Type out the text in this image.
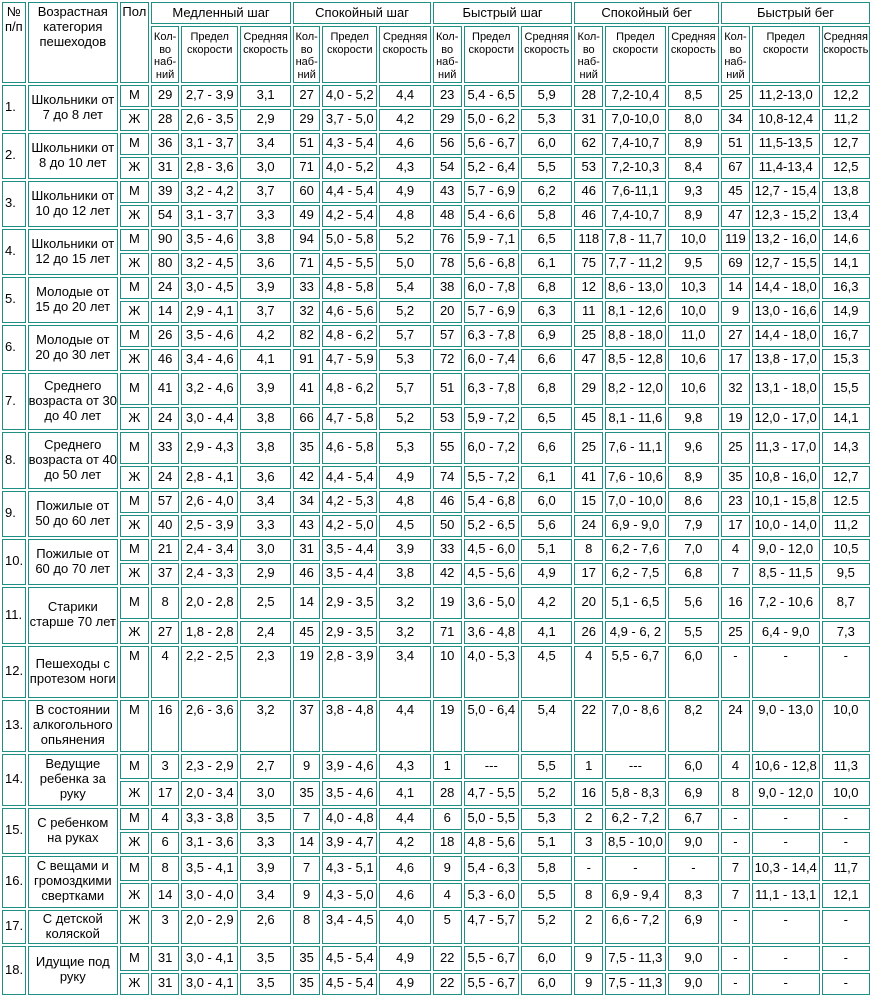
№ п/п	Возрастная категория пешеходов	Пол	Медленный шаг			Спокойный шаг			Быстрый шаг			Спокойный бег			Быстрый бег		
			Кол-во наб-ний	Предел скорости	Средняя скорость	Кол-во наб-ний	Предел скорости	Средняя скорость	Кол-во наб-ний	Предел скорости	Средняя скорость	Кол-во наб-ний	Предел скорости	Средняя скорость	Кол-во наб-ний	Предел скорости	Средняя скорость
1.	Школьники от 7 до 8 лет	М	29	2,7 - 3,9	3,1	27	4,0 - 5,2	4,4	23	5,4 - 6,5	5,9	28	7,2-10,4	8,5	25	11,2-13,0	12,2
		Ж	28	2,6 - 3,5	2,9	29	3,7 - 5,0	4,2	29	5,0 - 6,2	5,3	31	7,0-10,0	8,0	34	10,8-12,4	11,2
2.	Школьники от 8 до 10 лет	М	36	3,1 - 3,7	3,4	51	4,3 - 5,4	4,6	56	5,6 - 6,7	6,0	62	7,4-10,7	8,9	51	11,5-13,5	12,7
		Ж	31	2,8 - 3,6	3,0	71	4,0 - 5,2	4,3	54	5,2 - 6,4	5,5	53	7,2-10,3	8,4	67	11,4-13,4	12,5
3.	Школьники от 10 до 12 лет	М	39	3,2 - 4,2	3,7	60	4,4 - 5,4	4,9	43	5,7 - 6,9	6,2	46	7,6-11,1	9,3	45	12,7 - 15,4	13,8
		Ж	54	3,1 - 3,7	3,3	49	4,2 - 5,4	4,8	48	5,4 - 6,6	5,8	46	7,4-10,7	8,9	47	12,3 - 15,2	13,4
4.	Школьники от 12 до 15 лет	М	90	3,5 - 4,6	3,8	94	5,0 - 5,8	5,2	76	5,9 - 7,1	6,5	118	7,8 - 11,7	10,0	119	13,2 - 16,0	14,6
		Ж	80	3,2 - 4,5	3,6	71	4,5 - 5,5	5,0	78	5,6 - 6,8	6,1	75	7,7 - 11,2	9,5	69	12,7 - 15,5	14,1
5.	Молодые от 15 до 20 лет	М	24	3,0 - 4,5	3,9	33	4,8 - 5,8	5,4	38	6,0 - 7,8	6,8	12	8,6 - 13,0	10,3	14	14,4 - 18,0	16,3
		Ж	14	2,9 - 4,1	3,7	32	4,6 - 5,6	5,2	20	5,7 - 6,9	6,3	11	8,1 - 12,6	10,0	9	13,0 - 16,6	14,9
6.	Молодые от 20 до 30 лет	М	26	3,5 - 4,6	4,2	82	4,8 - 6,2	5,7	57	6,3 - 7,8	6,9	25	8,8 - 18,0	11,0	27	14,4 - 18,0	16,7
		Ж	46	3,4 - 4,6	4,1	91	4,7 - 5,9	5,3	72	6,0 - 7,4	6,6	47	8,5 - 12,8	10,6	17	13,8 - 17,0	15,3
7.	Среднего возраста от 30 до 40 лет	М	41	3,2 - 4,6	3,9	41	4,8 - 6,2	5,7	51	6,3 - 7,8	6,8	29	8,2 - 12,0	10,6	32	13,1 - 18,0	15,5
		Ж	24	3,0 - 4,4	3,8	66	4,7 - 5,8	5,2	53	5,9 - 7,2	6,5	45	8,1 - 11,6	9,8	19	12,0 - 17,0	14,1
8.	Среднего возраста от 40 до 50 лет	М	33	2,9 - 4,3	3,8	35	4,6 - 5,8	5,3	55	6,0 - 7,2	6,6	25	7,6 - 11,1	9,6	25	11,3 - 17,0	14,3
		Ж	24	2,8 - 4,1	3,6	42	4,4 - 5,4	4,9	74	5,5 - 7,2	6,1	41	7,6 - 10,6	8,9	35	10,8 - 16,0	12,7
9.	Пожилые от 50 до 60 лет	М	57	2,6 - 4,0	3,4	34	4,2 - 5,3	4,8	46	5,4 - 6,8	6,0	15	7,0 - 10,0	8,6	23	10,1 - 15,8	12.5
		Ж	40	2,5 - 3,9	3,3	43	4,2 - 5,0	4,5	50	5,2 - 6,5	5,6	24	6,9 - 9,0	7,9	17	10,0 - 14,0	11,2
10.	Пожилые от 60 до 70 лет	М	21	2,4 - 3,4	3,0	31	3,5 - 4,4	3,9	33	4,5 - 6,0	5,1	8	6,2 - 7,6	7,0	4	9,0 - 12,0	10,5
		Ж	37	2,4 - 3,3	2,9	46	3,5 - 4,4	3,8	42	4,5 - 5,6	4,9	17	6,2 - 7,5	6,8	7	8,5 - 11,5	9,5
11.	Старики старше 70 лет	М	8	2,0 - 2,8	2,5	14	2,9 - 3,5	3,2	19	3,6 - 5,0	4,2	20	5,1 - 6,5	5,6	16	7,2 - 10,6	8,7
		Ж	27	1,8 - 2,8	2,4	45	2,9 - 3,5	3,2	71	3,6 - 4,8	4,1	26	4,9 - 6, 2	5,5	25	6,4 - 9,0	7,3
12.	Пешеходы с протезом ноги	М	4	2,2 - 2,5	2,3	19	2,8 - 3,9	3,4	10	4,0 - 5,3	4,5	4	5,5 - 6,7	6,0	-	-	-
13.	В состоянии алкогольного опьянения	М	16	2,6 - 3,6	3,2	37	3,8 - 4,8	4,4	19	5,0 - 6,4	5,4	22	7,0 - 8,6	8,2	24	9,0 - 13,0	10,0
14.	Ведущие ребенка за руку	М	3	2,3 - 2,9	2,7	9	3,9 - 4,6	4,3	1	---	5,5	1	---	6,0	4	10,6 - 12,8	11,3
		Ж	17	2,0 - 3,4	3,0	35	3,5 - 4,6	4,1	28	4,7 - 5,5	5,2	16	5,8 - 8,3	6,9	8	9,0 - 12,0	10,0
15.	С ребенком на руках	М	4	3,3 - 3,8	3,5	7	4,0 - 4,8	4,4	6	5,0 - 5,5	5,3	2	6,2 - 7,2	6,7	-	-	-
		Ж	6	3,1 - 3,6	3,3	14	3,9 - 4,7	4,2	18	4,8 - 5,6	5,1	3	8,5 - 10,0	9,0	-	-	-
16.	С вещами и громоздкими свертками	М	8	3,5 - 4,1	3,9	7	4,3 - 5,1	4,6	9	5,4 - 6,3	5,8	-	-	-	7	10,3 - 14,4	11,7
		Ж	14	3,0 - 4,0	3,4	9	4,3 - 5,0	4,6	4	5,3 - 6,0	5,5	8	6,9 - 9,4	8,3	7	11,1 - 13,1	12,1
17.	С детской коляской	Ж	3	2,0 - 2,9	2,6	8	3,4 - 4,5	4,0	5	4,7 - 5,7	5,2	2	6,6 - 7,2	6,9	-	-	-
18.	Идущие под руку	М	31	3,0 - 4,1	3,5	35	4,5 - 5,4	4,9	22	5,5 - 6,7	6,0	9	7,5 - 11,3	9,0	-	-	-
		Ж	31	3,0 - 4,1	3,5	35	4,5 - 5,4	4,9	22	5,5 - 6,7	6,0	9	7,5 - 11,3	9,0	-	-	-
